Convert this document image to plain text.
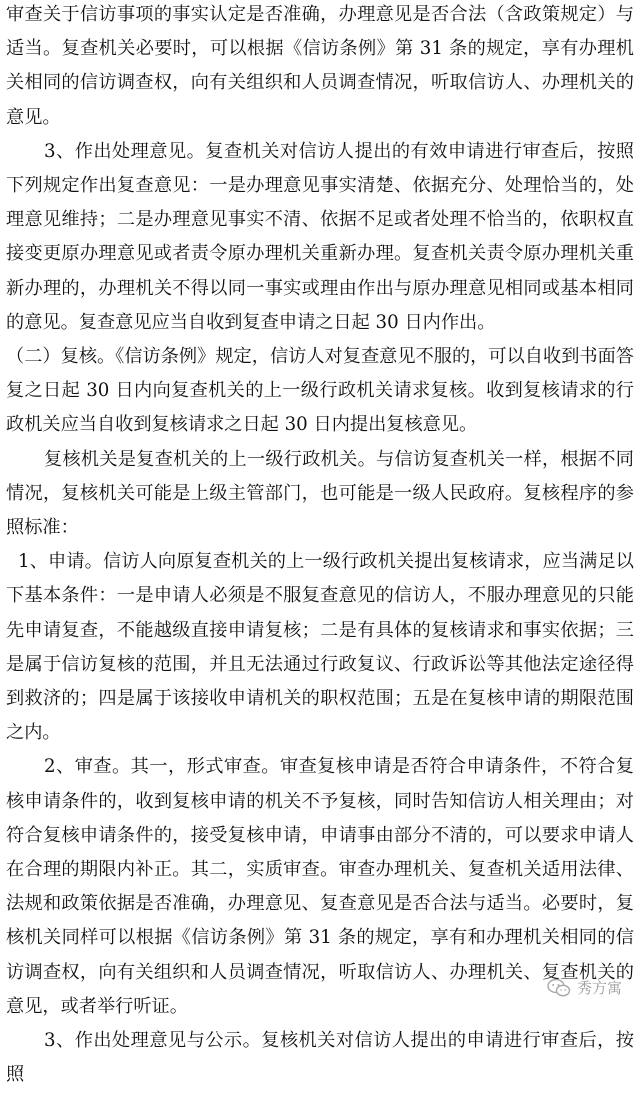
审查关于信访事项的事实认定是否准确，办理意见是否合法（含政策规定）与适当。复查机关必要时，可以根据《信访条例》第 31 条的规定，享有办理机关相同的信访调查权，向有关组织和人员调查情况，听取信访人、办理机关的意见。

3、作出处理意见。复查机关对信访人提出的有效申请进行审查后，按照下列规定作出复查意见：一是办理意见事实清楚、依据充分、处理恰当的，处理意见维持；二是办理意见事实不清、依据不足或者处理不恰当的，依职权直接变更原办理意见或者责令原办理机关重新办理。复查机关责令原办理机关重新办理的，办理机关不得以同一事实或理由作出与原办理意见相同或基本相同的意见。复查意见应当自收到复查申请之日起 30 日内作出。

（二）复核。《信访条例》规定，信访人对复查意见不服的，可以自收到书面答复之日起 30 日内向复查机关的上一级行政机关请求复核。收到复核请求的行政机关应当自收到复核请求之日起 30 日内提出复核意见。

复核机关是复查机关的上一级行政机关。与信访复查机关一样，根据不同情况，复核机关可能是上级主管部门，也可能是一级人民政府。复核程序的参照标准：

1、申请。信访人向原复查机关的上一级行政机关提出复核请求，应当满足以下基本条件：一是申请人必须是不服复查意见的信访人，不服办理意见的只能先申请复查，不能越级直接申请复核；二是有具体的复核请求和事实依据；三是属于信访复核的范围，并且无法通过行政复议、行政诉讼等其他法定途径得到救济的；四是属于该接收申请机关的职权范围；五是在复核申请的期限范围之内。

2、审查。其一，形式审查。审查复核申请是否符合申请条件，不符合复核申请条件的，收到复核申请的机关不予复核，同时告知信访人相关理由；对符合复核申请条件的，接受复核申请，申请事由部分不清的，可以要求申请人在合理的期限内补正。其二，实质审查。审查办理机关、复查机关适用法律、法规和政策依据是否准确，办理意见、复查意见是否合法与适当。必要时，复核机关同样可以根据《信访条例》第 31 条的规定，享有和办理机关相同的信访调查权，向有关组织和人员调查情况，听取信访人、办理机关、复查机关的意见，或者举行听证。

3、作出处理意见与公示。复核机关对信访人提出的申请进行审查后，按照

秀方寓
